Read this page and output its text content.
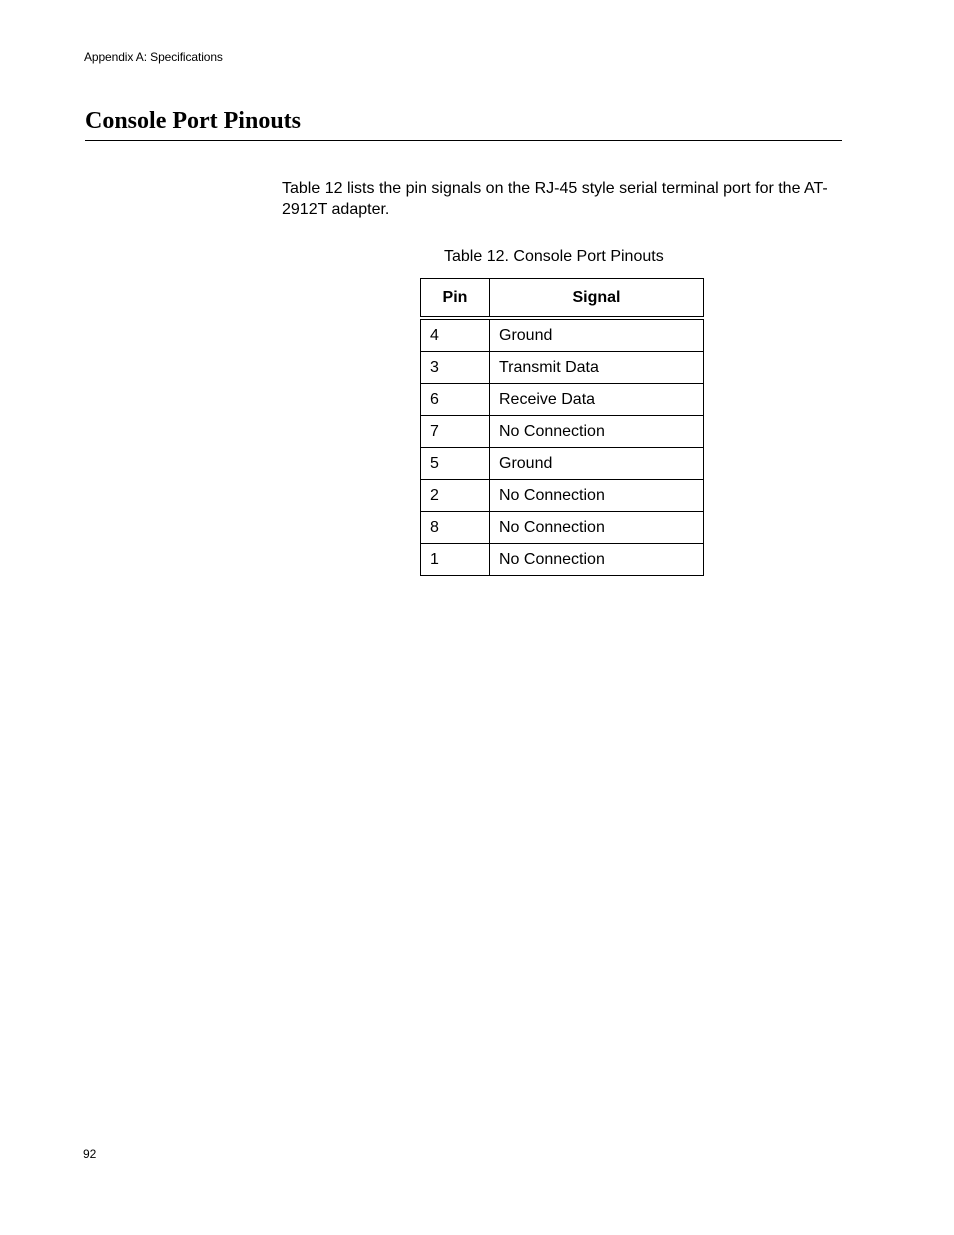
Appendix A: Specifications
Console Port Pinouts

Table 12 lists the pin signals on the RJ-45 style serial terminal port for the AT-2912T adapter.

Table 12. Console Port Pinouts
Pin	Signal
4	Ground
3	Transmit Data
6	Receive Data
7	No Connection
5	Ground
2	No Connection
8	No Connection
1	No Connection
92
